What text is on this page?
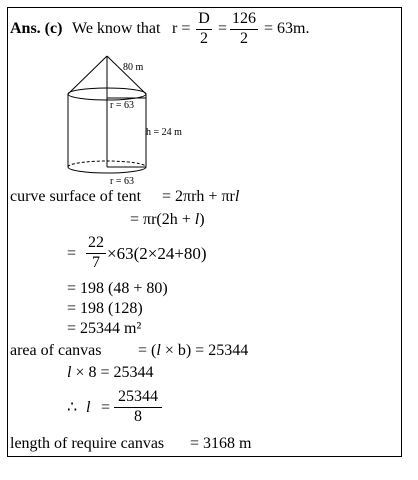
Ans. (c) We know that r =
D
2
=
126
2
= 63m.
80 m
r = 63
h = 24 m
r = 63
curve surface of tent = 2πrh + πrl
= πr(2h + l)
=
22
7 ×63(2×24+80)
= 198 (48 + 80)
= 198 (128)
= 25344 m²
area of canvas = (l × b) = 25344
l × 8 = 25344
∴ l =
25344
8
length of require canvas = 3168 m
